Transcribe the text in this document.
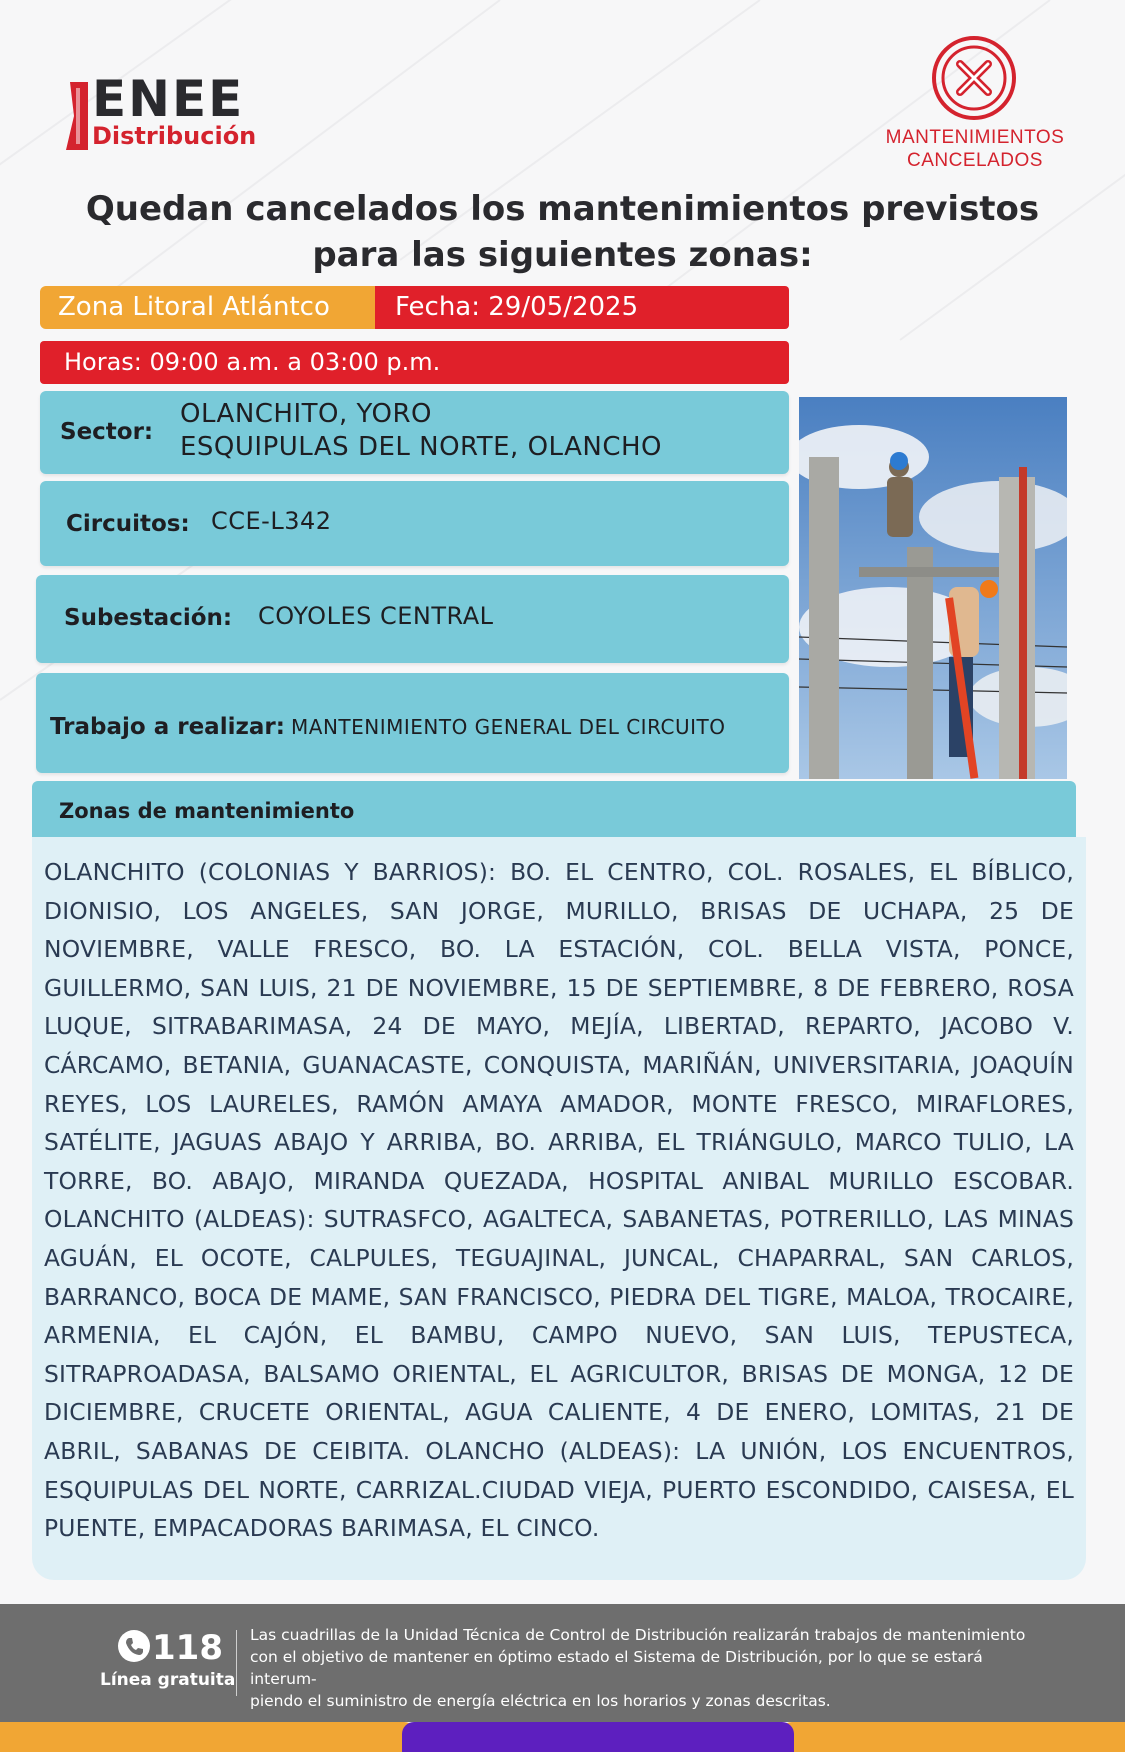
ENEE
Distribución	MANTENIMIENTOS
CANCELADOS
Quedan cancelados los mantenimientos previstos
para las siguientes zonas:
Zona Litoral Atlántco	Fecha: 29/05/2025
Horas: 09:00 a.m. a 03:00 p.m.
Sector:
OLANCHITO, YORO
ESQUIPULAS DEL NORTE, OLANCHO
Circuitos: CCE-L342
Subestación: COYOLES CENTRAL
Trabajo a realizar: MANTENIMIENTO GENERAL DEL CIRCUITO
Zonas de mantenimiento
OLANCHITO (COLONIAS Y BARRIOS): BO. EL CENTRO, COL. ROSALES, EL BÍBLICO, DIONISIO, LOS ANGELES, SAN JORGE, MURILLO, BRISAS DE UCHAPA, 25 DE NOVIEMBRE, VALLE FRESCO, BO. LA ESTACIÓN, COL. BELLA VISTA, PONCE, GUILLERMO, SAN LUIS, 21 DE NOVIEMBRE, 15 DE SEPTIEMBRE, 8 DE FEBRERO, ROSA LUQUE, SITRABARIMASA, 24 DE MAYO, MEJÍA, LIBERTAD, REPARTO, JACOBO V. CÁRCAMO, BETANIA, GUANACASTE, CONQUISTA, MARIÑÁN, UNIVERSITARIA, JOAQUÍN REYES, LOS LAURELES, RAMÓN AMAYA AMADOR, MONTE FRESCO, MIRAFLORES, SATÉLITE, JAGUAS ABAJO Y ARRIBA, BO. ARRIBA, EL TRIÁNGULO, MARCO TULIO, LA TORRE, BO. ABAJO, MIRANDA QUEZADA, HOSPITAL ANIBAL MURILLO ESCOBAR. OLANCHITO (ALDEAS): SUTRASFCO, AGALTECA, SABANETAS, POTRERILLO, LAS MINAS AGUÁN, EL OCOTE, CALPULES, TEGUAJINAL, JUNCAL, CHAPARRAL, SAN CARLOS, BARRANCO, BOCA DE MAME, SAN FRANCISCO, PIEDRA DEL TIGRE, MALOA, TROCAIRE, ARMENIA, EL CAJÓN, EL BAMBU, CAMPO NUEVO, SAN LUIS, TEPUSTECA, SITRAPROADASA, BALSAMO ORIENTAL, EL AGRICULTOR, BRISAS DE MONGA, 12 DE DICIEMBRE, CRUCETE ORIENTAL, AGUA CALIENTE, 4 DE ENERO, LOMITAS, 21 DE ABRIL, SABANAS DE CEIBITA. OLANCHO (ALDEAS): LA UNIÓN, LOS ENCUENTROS, ESQUIPULAS DEL NORTE, CARRIZAL.CIUDAD VIEJA, PUERTO ESCONDIDO, CAISESA, EL PUENTE, EMPACADORAS BARIMASA, EL CINCO.
118
Línea gratuita
Las cuadrillas de la Unidad Técnica de Control de Distribución realizarán trabajos de mantenimiento
con el objetivo de mantener en óptimo estado el Sistema de Distribución, por lo que se estará interum-
piendo el suministro de energía eléctrica en los horarios y zonas descritas.
